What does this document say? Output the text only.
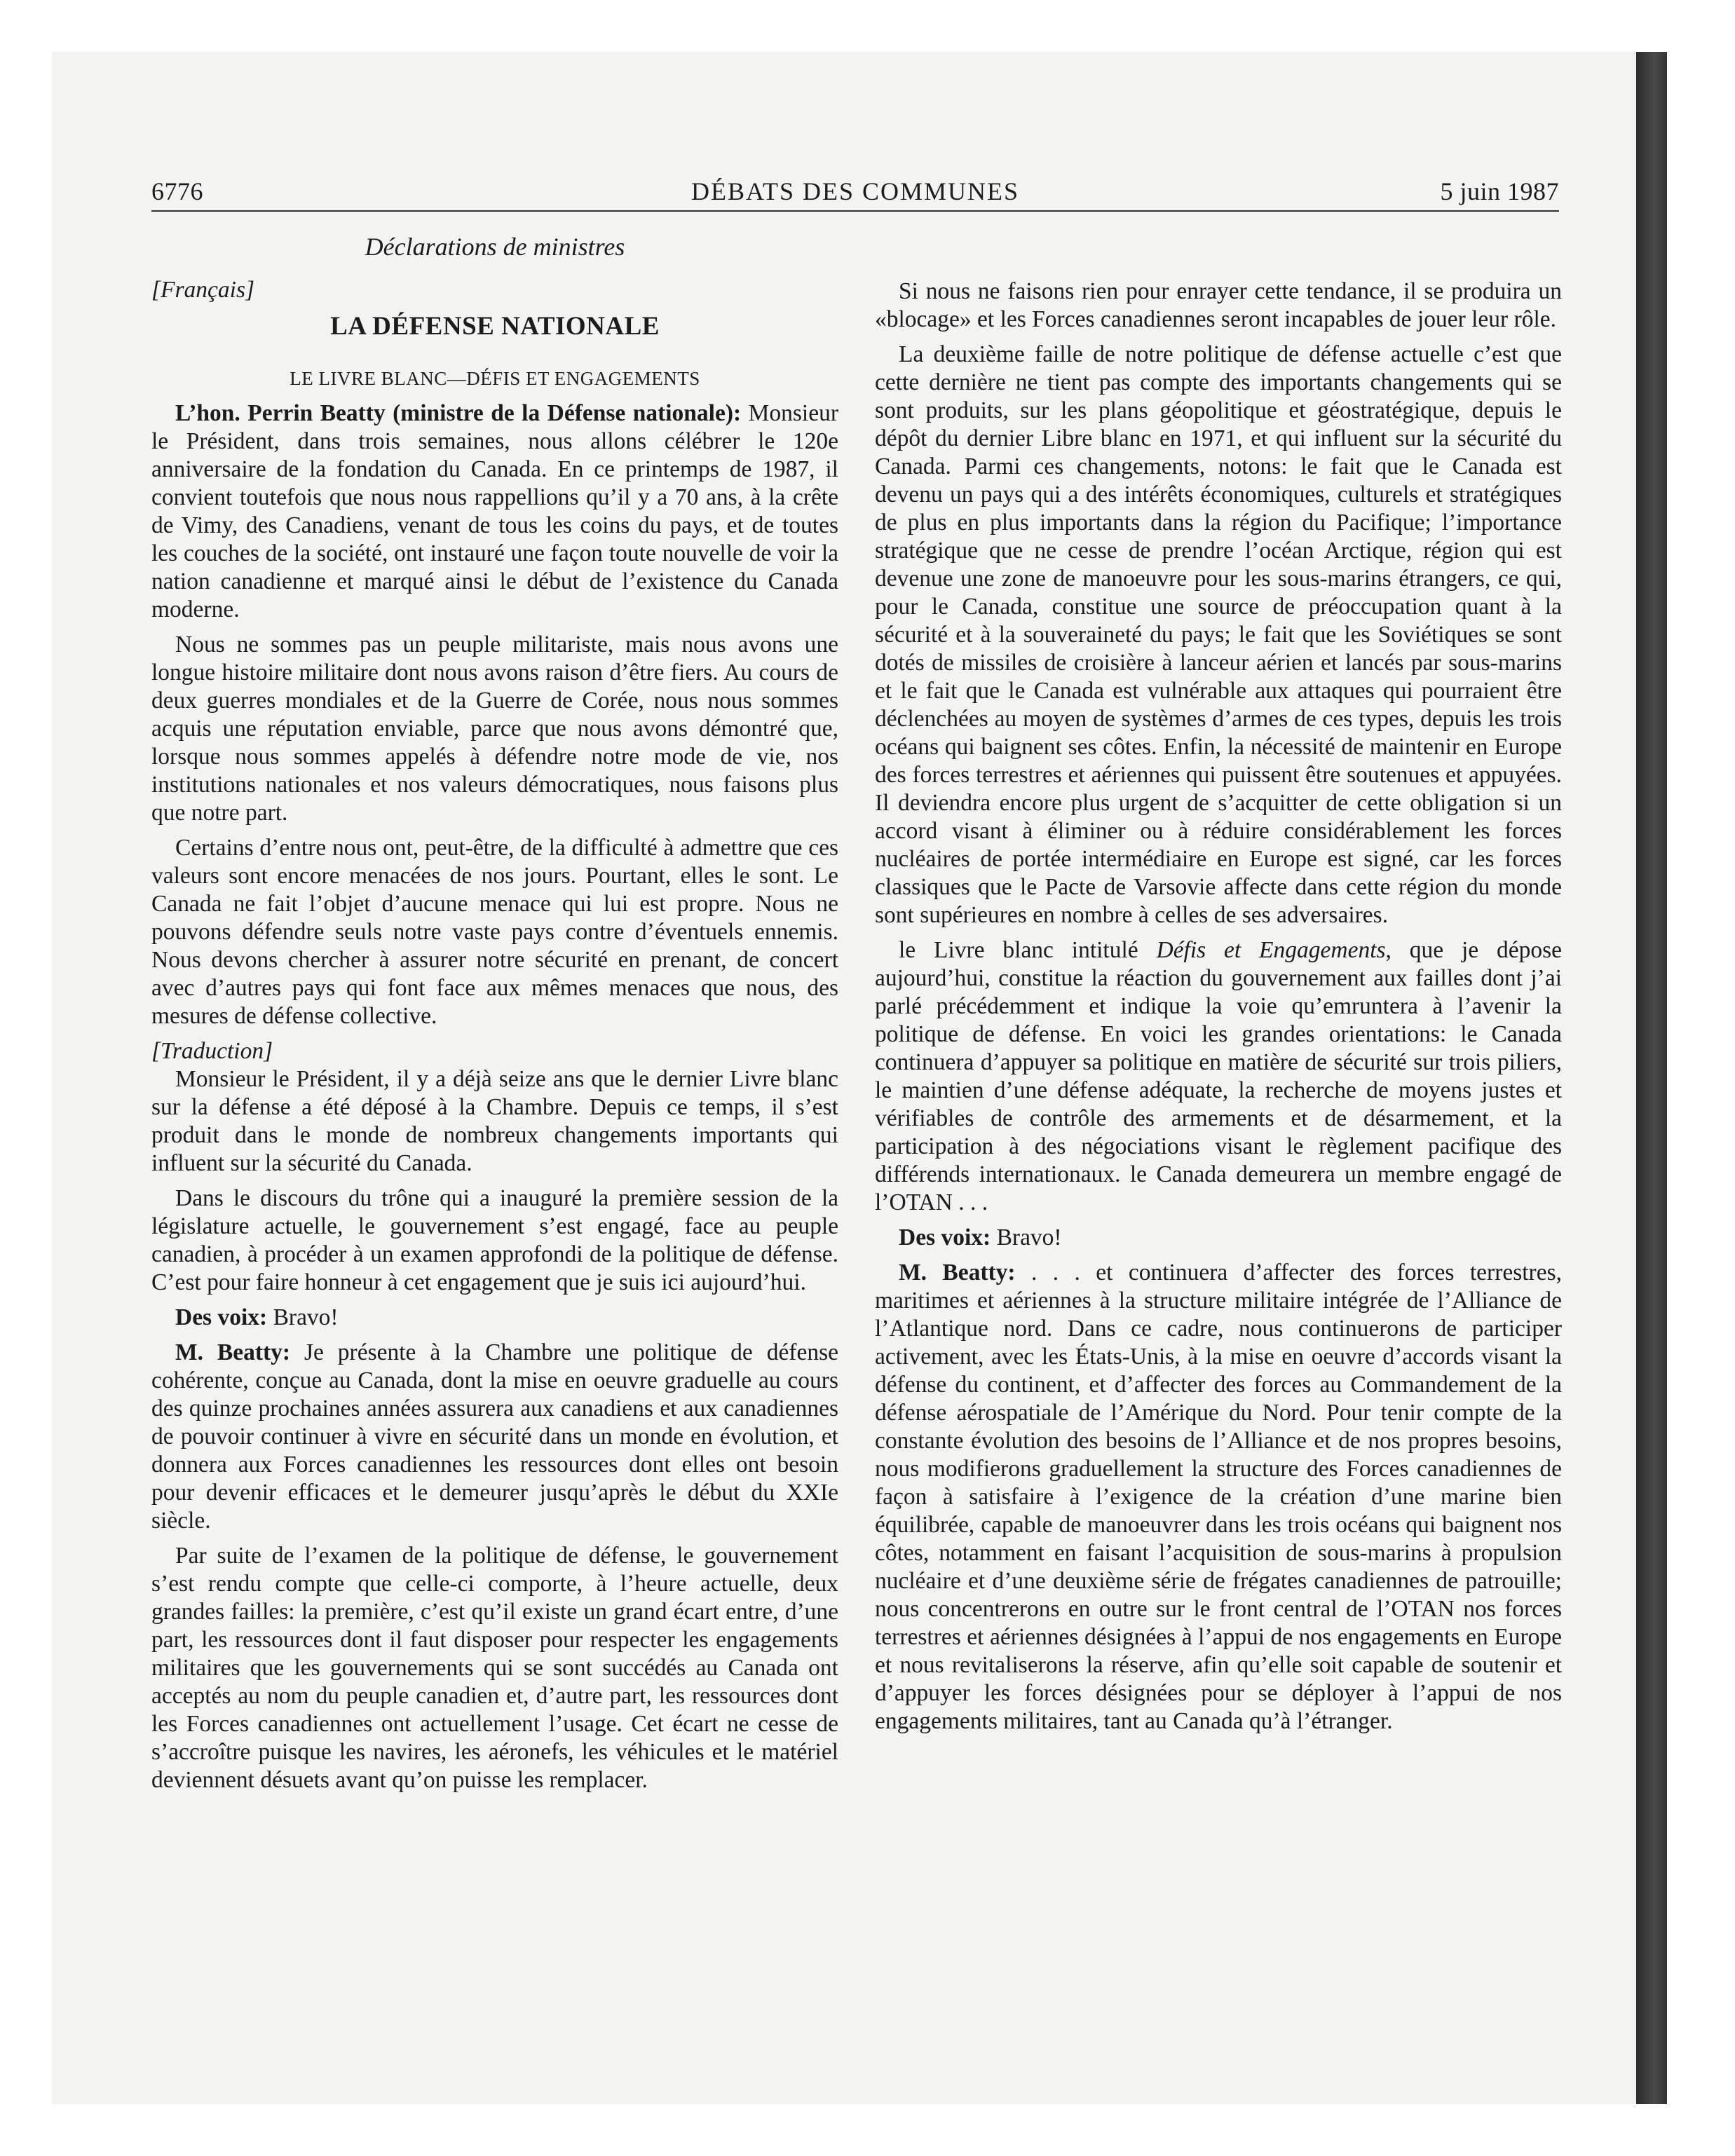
6776	DÉBATS DES COMMUNES	5 juin 1987
Déclarations de ministres
[Français]
LA DÉFENSE NATIONALE
LE LIVRE BLANC—DÉFIS ET ENGAGEMENTS

L’hon. Perrin Beatty (ministre de la Défense nationale): Monsieur le Président, dans trois semaines, nous allons célébrer le 120e anniversaire de la fondation du Canada. En ce printemps de 1987, il convient toutefois que nous nous rappellions qu’il y a 70 ans, à la crête de Vimy, des Canadiens, venant de tous les coins du pays, et de toutes les couches de la société, ont instauré une façon toute nouvelle de voir la nation canadienne et marqué ainsi le début de l’existence du Canada moderne.

Nous ne sommes pas un peuple militariste, mais nous avons une longue histoire militaire dont nous avons raison d’être fiers. Au cours de deux guerres mondiales et de la Guerre de Corée, nous nous sommes acquis une réputation enviable, parce que nous avons démontré que, lorsque nous sommes appelés à défendre notre mode de vie, nos institutions nationales et nos valeurs démocratiques, nous faisons plus que notre part.

Certains d’entre nous ont, peut-être, de la difficulté à admettre que ces valeurs sont encore menacées de nos jours. Pourtant, elles le sont. Le Canada ne fait l’objet d’aucune menace qui lui est propre. Nous ne pouvons défendre seuls notre vaste pays contre d’éventuels ennemis. Nous devons chercher à assurer notre sécurité en prenant, de concert avec d’autres pays qui font face aux mêmes menaces que nous, des mesures de défense collective.

[Traduction]

Monsieur le Président, il y a déjà seize ans que le dernier Livre blanc sur la défense a été déposé à la Chambre. Depuis ce temps, il s’est produit dans le monde de nombreux changements importants qui influent sur la sécurité du Canada.

Dans le discours du trône qui a inauguré la première session de la législature actuelle, le gouvernement s’est engagé, face au peuple canadien, à procéder à un examen approfondi de la politique de défense. C’est pour faire honneur à cet engagement que je suis ici aujourd’hui.

Des voix: Bravo!

M. Beatty: Je présente à la Chambre une politique de défense cohérente, conçue au Canada, dont la mise en oeuvre graduelle au cours des quinze prochaines années assurera aux canadiens et aux canadiennes de pouvoir continuer à vivre en sécurité dans un monde en évolution, et donnera aux Forces canadiennes les ressources dont elles ont besoin pour devenir efficaces et le demeurer jusqu’après le début du XXIe siècle.

Par suite de l’examen de la politique de défense, le gouvernement s’est rendu compte que celle-ci comporte, à l’heure actuelle, deux grandes failles: la première, c’est qu’il existe un grand écart entre, d’une part, les ressources dont il faut disposer pour respecter les engagements militaires que les gouvernements qui se sont succédés au Canada ont acceptés au nom du peuple canadien et, d’autre part, les ressources dont les Forces canadiennes ont actuellement l’usage. Cet écart ne cesse de s’accroître puisque les navires, les aéronefs, les véhicules et le matériel deviennent désuets avant qu’on puisse les remplacer.

Si nous ne faisons rien pour enrayer cette tendance, il se produira un «blocage» et les Forces canadiennes seront incapables de jouer leur rôle.

La deuxième faille de notre politique de défense actuelle c’est que cette dernière ne tient pas compte des importants changements qui se sont produits, sur les plans géopolitique et géostratégique, depuis le dépôt du dernier Libre blanc en 1971, et qui influent sur la sécurité du Canada. Parmi ces changements, notons: le fait que le Canada est devenu un pays qui a des intérêts économiques, culturels et stratégiques de plus en plus importants dans la région du Pacifique; l’importance stratégique que ne cesse de prendre l’océan Arctique, région qui est devenue une zone de manoeuvre pour les sous-marins étrangers, ce qui, pour le Canada, constitue une source de préoccupation quant à la sécurité et à la souveraineté du pays; le fait que les Soviétiques se sont dotés de missiles de croisière à lanceur aérien et lancés par sous-marins et le fait que le Canada est vulnérable aux attaques qui pourraient être déclenchées au moyen de systèmes d’armes de ces types, depuis les trois océans qui baignent ses côtes. Enfin, la nécessité de maintenir en Europe des forces terrestres et aériennes qui puissent être soutenues et appuyées. Il deviendra encore plus urgent de s’acquitter de cette obligation si un accord visant à éliminer ou à réduire considérablement les forces nucléaires de portée intermédiaire en Europe est signé, car les forces classiques que le Pacte de Varsovie affecte dans cette région du monde sont supérieures en nombre à celles de ses adversaires.

le Livre blanc intitulé Défis et Engagements, que je dépose aujourd’hui, constitue la réaction du gouvernement aux failles dont j’ai parlé précédemment et indique la voie qu’emruntera à l’avenir la politique de défense. En voici les grandes orientations: le Canada continuera d’appuyer sa politique en matière de sécurité sur trois piliers, le maintien d’une défense adéquate, la recherche de moyens justes et vérifiables de contrôle des armements et de désarmement, et la participation à des négociations visant le règlement pacifique des différends internationaux. le Canada demeurera un membre engagé de l’OTAN . . .

Des voix: Bravo!

M. Beatty: . . . et continuera d’affecter des forces terrestres, maritimes et aériennes à la structure militaire intégrée de l’Alliance de l’Atlantique nord. Dans ce cadre, nous continuerons de participer activement, avec les États-Unis, à la mise en oeuvre d’accords visant la défense du continent, et d’affecter des forces au Commandement de la défense aérospatiale de l’Amérique du Nord. Pour tenir compte de la constante évolution des besoins de l’Alliance et de nos propres besoins, nous modifierons graduellement la structure des Forces canadiennes de façon à satisfaire à l’exigence de la création d’une marine bien équilibrée, capable de manoeuvrer dans les trois océans qui baignent nos côtes, notamment en faisant l’acquisition de sous-marins à propulsion nucléaire et d’une deuxième série de frégates canadiennes de patrouille; nous concentrerons en outre sur le front central de l’OTAN nos forces terrestres et aériennes désignées à l’appui de nos engagements en Europe et nous revitaliserons la réserve, afin qu’elle soit capable de soutenir et d’appuyer les forces désignées pour se déployer à l’appui de nos engagements militaires, tant au Canada qu’à l’étranger.
